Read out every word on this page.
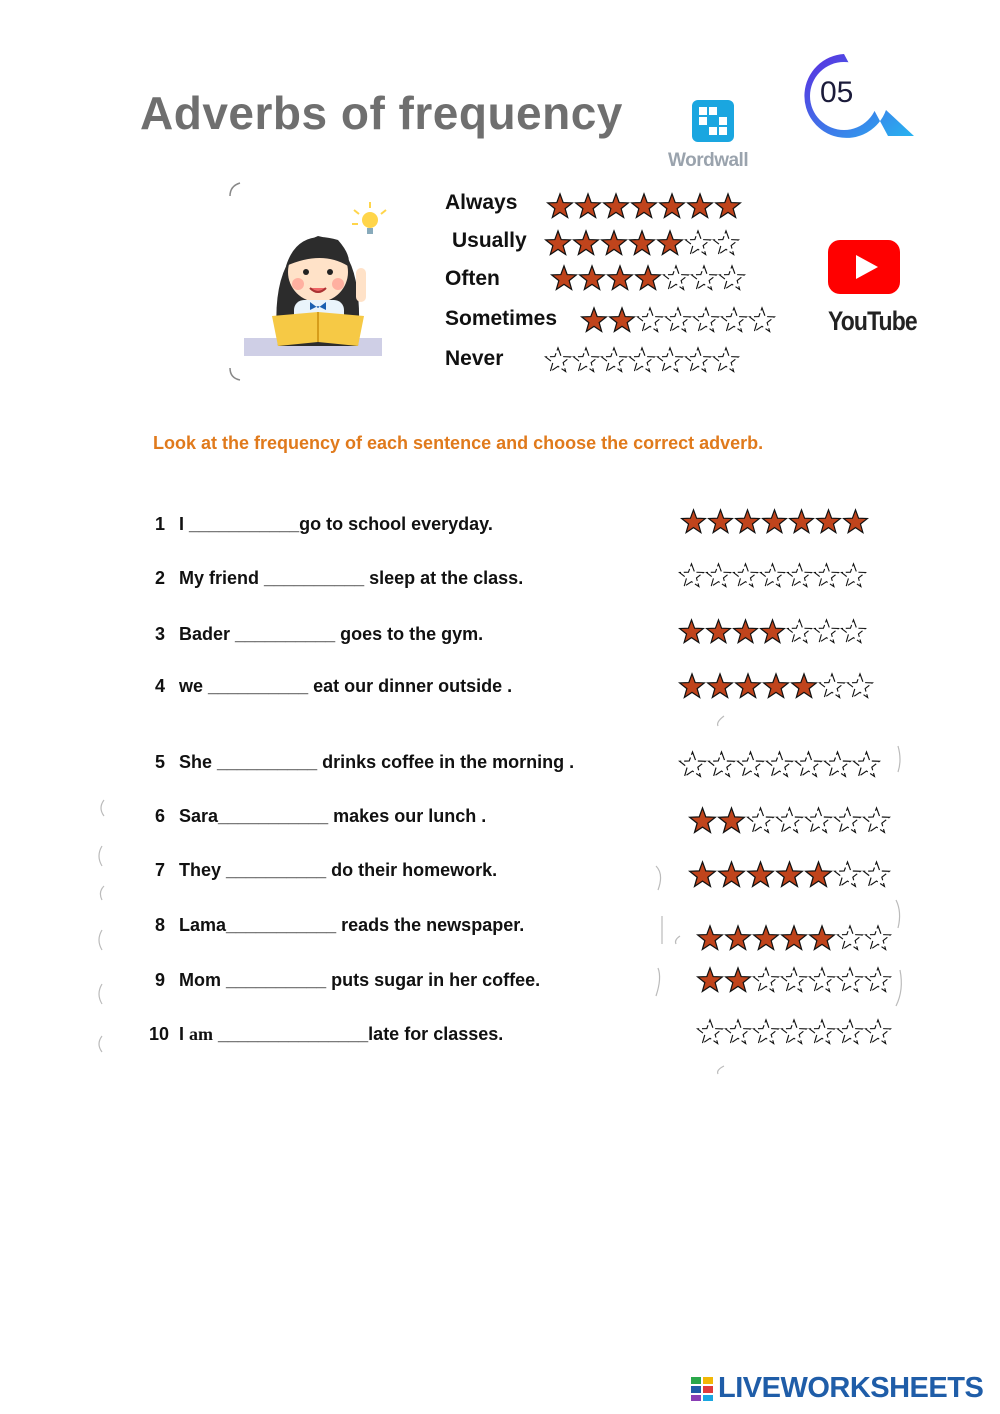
Adverbs of frequency
Wordwall
05
YouTube
Always
Usually
Often
Sometimes
Never
Look at the frequency of each sentence and choose the correct adverb.
1 I ___________go to school everyday.
2 My friend __________ sleep at the class.
3 Bader __________ goes to the gym.
4 we __________ eat our dinner outside .
5 She __________ drinks coffee in the morning .
6 Sara___________ makes our lunch .
7 They __________ do their homework.
8 Lama___________ reads the newspaper.
9 Mom __________ puts sugar in her coffee.
10 I am _______________late for classes.
LIVEWORKSHEETS
